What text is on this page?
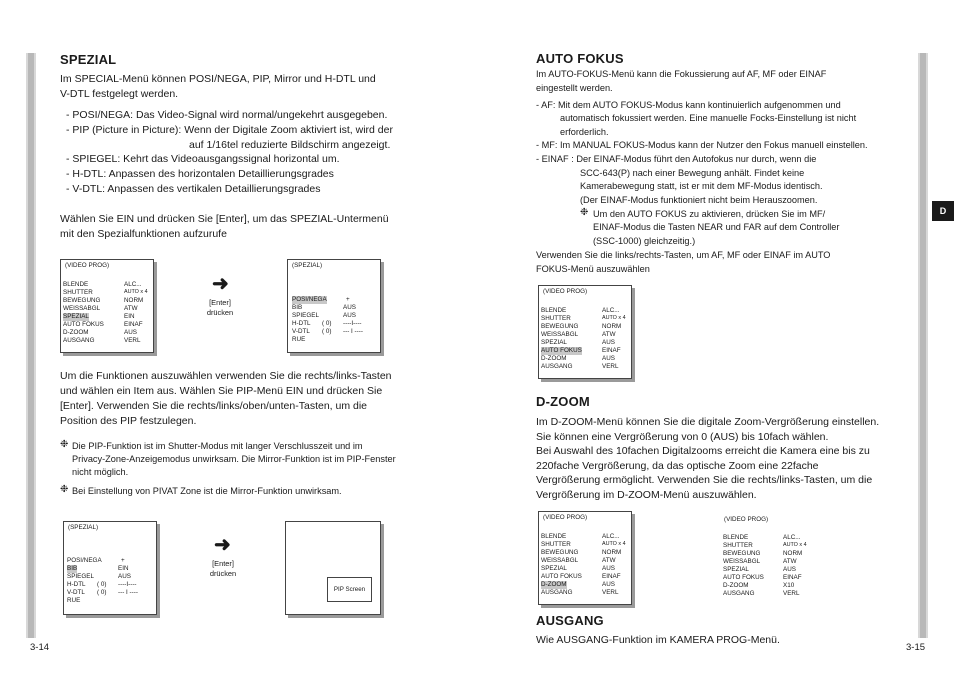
SPEZIAL
Im SPECIAL-Menü können POSI/NEGA, PIP, Mirror und H-DTL und
V-DTL festgelegt werden.
- POSI/NEGA: Das Video-Signal wird normal/ungekehrt ausgegeben.
- PIP (Picture in Picture): Wenn der Digitale Zoom aktiviert ist, wird der
auf 1/16tel reduzierte Bildschirm angezeigt.
- SPIEGEL: Kehrt das Videoausgangssignal horizontal um.
- H-DTL: Anpassen des horizontalen Detaillierungsgrades
- V-DTL: Anpassen des vertikalen Detaillierungsgrades
Wählen Sie EIN und drücken Sie [Enter], um das SPEZIAL-Untermenü
mit den Spezialfunktionen aufzurufe
(VIDEO PROG)
BLENDE
SHUTTER
BEWEGUNG
WEISSABGL
SPEZIAL
AUTO FOKUS
D-ZOOM
AUSGANG
ALC...
AUTO x 4
NORM
ATW
EIN
EINAF
AUS
VERL
➜
[Enter]
drücken
(SPEZIAL)
POSI/NEGA
BIB
SPIEGEL
H-DTL
V-DTL
RUE
( 0)
( 0)
+
AUS
AUS
----I----
--- I ----
Um die Funktionen auszuwählen verwenden Sie die rechts/links-Tasten
und wählen ein Item aus. Wählen Sie PIP-Menü EIN und drücken Sie
[Enter]. Verwenden Sie die rechts/links/oben/unten-Tasten, um die
Position des PIP festzulegen.
❉ Die PIP-Funktion ist im Shutter-Modus mit langer Verschlusszeit und im
Privacy-Zone-Anzeigemodus unwirksam. Die Mirror-Funktion ist im PIP-Fenster
nicht möglich.
❉ Bei Einstellung von PIVAT Zone ist die Mirror-Funktion unwirksam.
(SPEZIAL)
POSI/NEGA
BIB
SPIEGEL
H-DTL
V-DTL
RUE
( 0)
( 0)
+
EIN
AUS
----I----
--- I ----
➜
[Enter]
drücken
PIP Screen
3-14
AUTO FOKUS
Im AUTO-FOKUS-Menü kann die Fokussierung auf AF, MF oder EINAF
eingestellt werden.
- AF: Mit dem AUTO FOKUS-Modus kann kontinuierlich aufgenommen und
automatisch fokussiert werden. Eine manuelle Focks-Einstellung ist nicht
erforderlich.
- MF: Im MANUAL FOKUS-Modus kann der Nutzer den Fokus manuell einstellen.
- EINAF : Der EINAF-Modus führt den Autofokus nur durch, wenn die
SCC-643(P) nach einer Bewegung anhält. Findet keine
Kamerabewegung statt, ist er mit dem MF-Modus identisch.
(Der EINAF-Modus funktioniert nicht beim Herauszoomen.
❉ Um den AUTO FOKUS zu aktivieren, drücken Sie im MF/
EINAF-Modus die Tasten NEAR und FAR auf dem Controller
(SSC-1000) gleichzeitig.)
Verwenden Sie die links/rechts-Tasten, um AF, MF oder EINAF im AUTO
FOKUS-Menü auszuwählen
(VIDEO PROG)
BLENDE
SHUTTER
BEWEGUNG
WEISSABGL
SPEZIAL
AUTO FOKUS
D-ZOOM
AUSGANG
ALC...
AUTO x 4
NORM
ATW
AUS
EINAF
AUS
VERL
D-ZOOM
Im D-ZOOM-Menü können Sie die digitale Zoom-Vergrößerung einstellen.
Sie können eine Vergrößerung von 0 (AUS) bis 10fach wählen.
Bei Auswahl des 10fachen Digitalzooms erreicht die Kamera eine bis zu
220fache Vergrößerung, da das optische Zoom eine 22fache
Vergrößerung ermöglicht. Verwenden Sie die rechts/links-Tasten, um die
Vergrößerung im D-ZOOM-Menü auszuwählen.
(VIDEO PROG)
BLENDE
SHUTTER
BEWEGUNG
WEISSABGL
SPEZIAL
AUTO FOKUS
D-ZOOM
AUSGANG
ALC...
AUTO x 4
NORM
ATW
AUS
EINAF
AUS
VERL
(VIDEO PROG)
BLENDE
SHUTTER
BEWEGUNG
WEISSABGL
SPEZIAL
AUTO FOKUS
D-ZOOM
AUSGANG
ALC...
AUTO x 4
NORM
ATW
AUS
EINAF
X10
VERL
AUSGANG
Wie AUSGANG-Funktion im KAMERA PROG-Menü.
3-15
D
